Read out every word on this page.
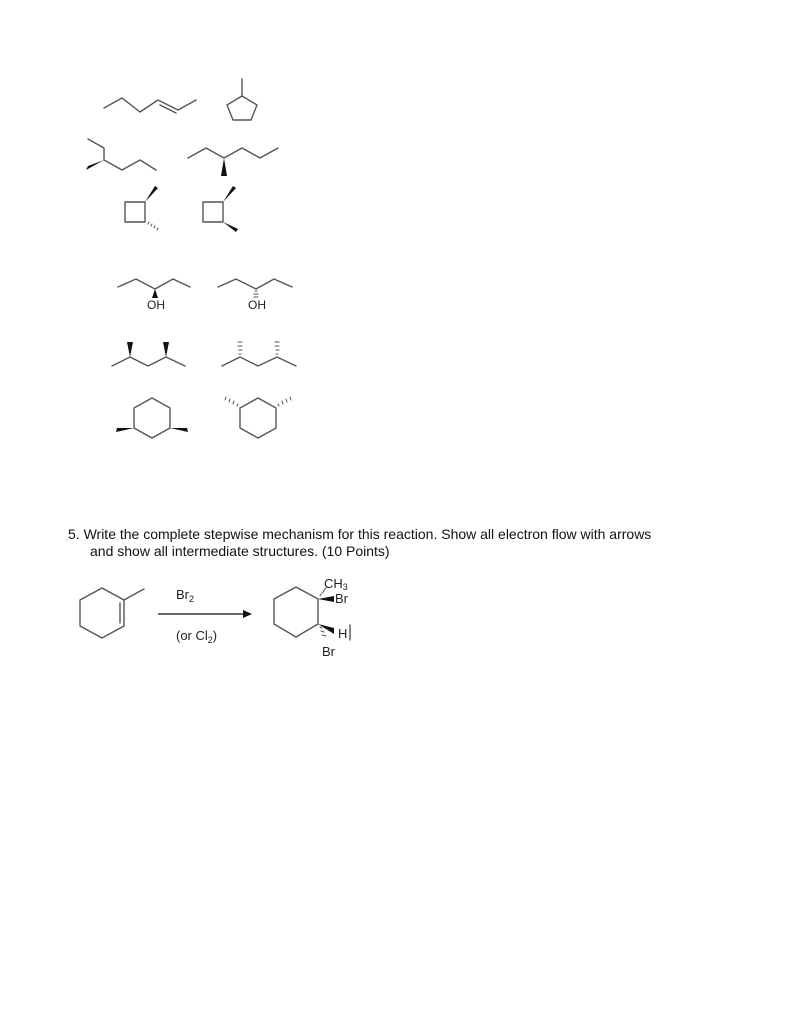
OH	OH
$Br_2$
(or $Cl_2$)
CH3
Br
H
Br
5. Write the complete stepwise mechanism for this reaction. Show all electron flow with arrows
and show all intermediate structures. (10 Points)
